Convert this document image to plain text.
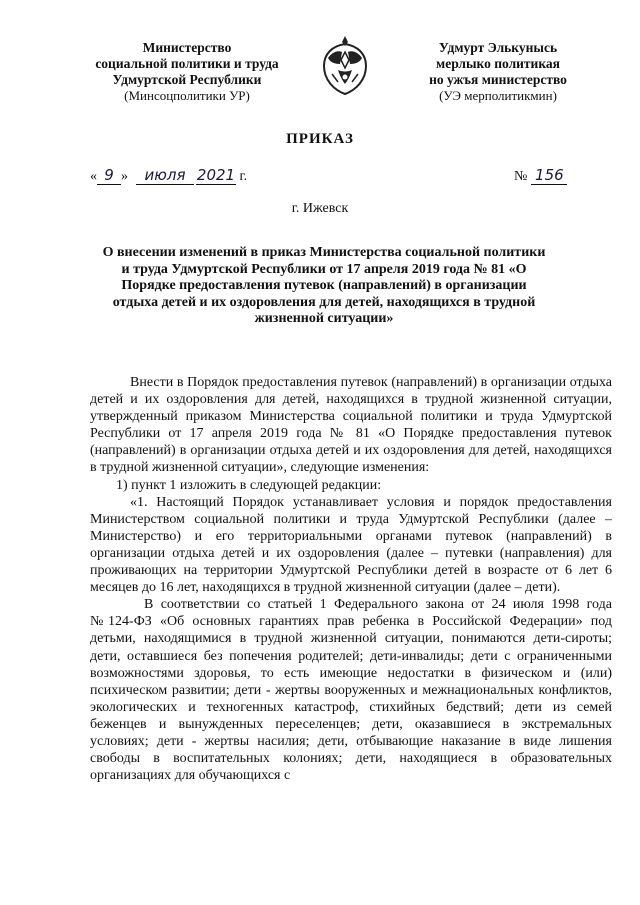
Министерство
социальной политики и труда
Удмуртской Республики
(Минсоцполитики УР)
Удмурт Элькунысь
мерлыко политикая
но ужъя министерство
(УЭ мерполитикмин)
ПРИКАЗ
« 9 » июля 2021 г.	№ 156
г. Ижевск
О внесении изменений в приказ Министерства социальной политики и труда Удмуртской Республики от 17 апреля 2019 года № 81 «О Порядке предоставления путевок (направлений) в организации отдыха детей и их оздоровления для детей, находящихся в трудной жизненной ситуации»

Внести в Порядок предоставления путевок (направлений) в организации отдыха детей и их оздоровления для детей, находящихся в трудной жизненной ситуации, утвержденный приказом Министерства социальной политики и труда Удмуртской Республики от 17 апреля 2019 года № 81 «О Порядке предоставления путевок (направлений) в организации отдыха детей и их оздоровления для детей, находящихся в трудной жизненной ситуации», следующие изменения:

1) пункт 1 изложить в следующей редакции:

«1. Настоящий Порядок устанавливает условия и порядок предоставления Министерством социальной политики и труда Удмуртской Республики (далее – Министерство) и его территориальными органами путевок (направлений) в организации отдыха детей и их оздоровления (далее – путевки (направления) для проживающих на территории Удмуртской Республики детей в возрасте от 6 лет 6 месяцев до 16 лет, находящихся в трудной жизненной ситуации (далее – дети).

В соответствии со статьей 1 Федерального закона от 24 июля 1998 года №124-ФЗ «Об основных гарантиях прав ребенка в Российской Федерации» под детьми, находящимися в трудной жизненной ситуации, понимаются дети-сироты; дети, оставшиеся без попечения родителей; дети-инвалиды; дети с ограниченными возможностями здоровья, то есть имеющие недостатки в физическом и (или) психическом развитии; дети - жертвы вооруженных и межнациональных конфликтов, экологических и техногенных катастроф, стихийных бедствий; дети из семей беженцев и вынужденных переселенцев; дети, оказавшиеся в экстремальных условиях; дети - жертвы насилия; дети, отбывающие наказание в виде лишения свободы в воспитательных колониях; дети, находящиеся в образовательных организациях для обучающихся с
